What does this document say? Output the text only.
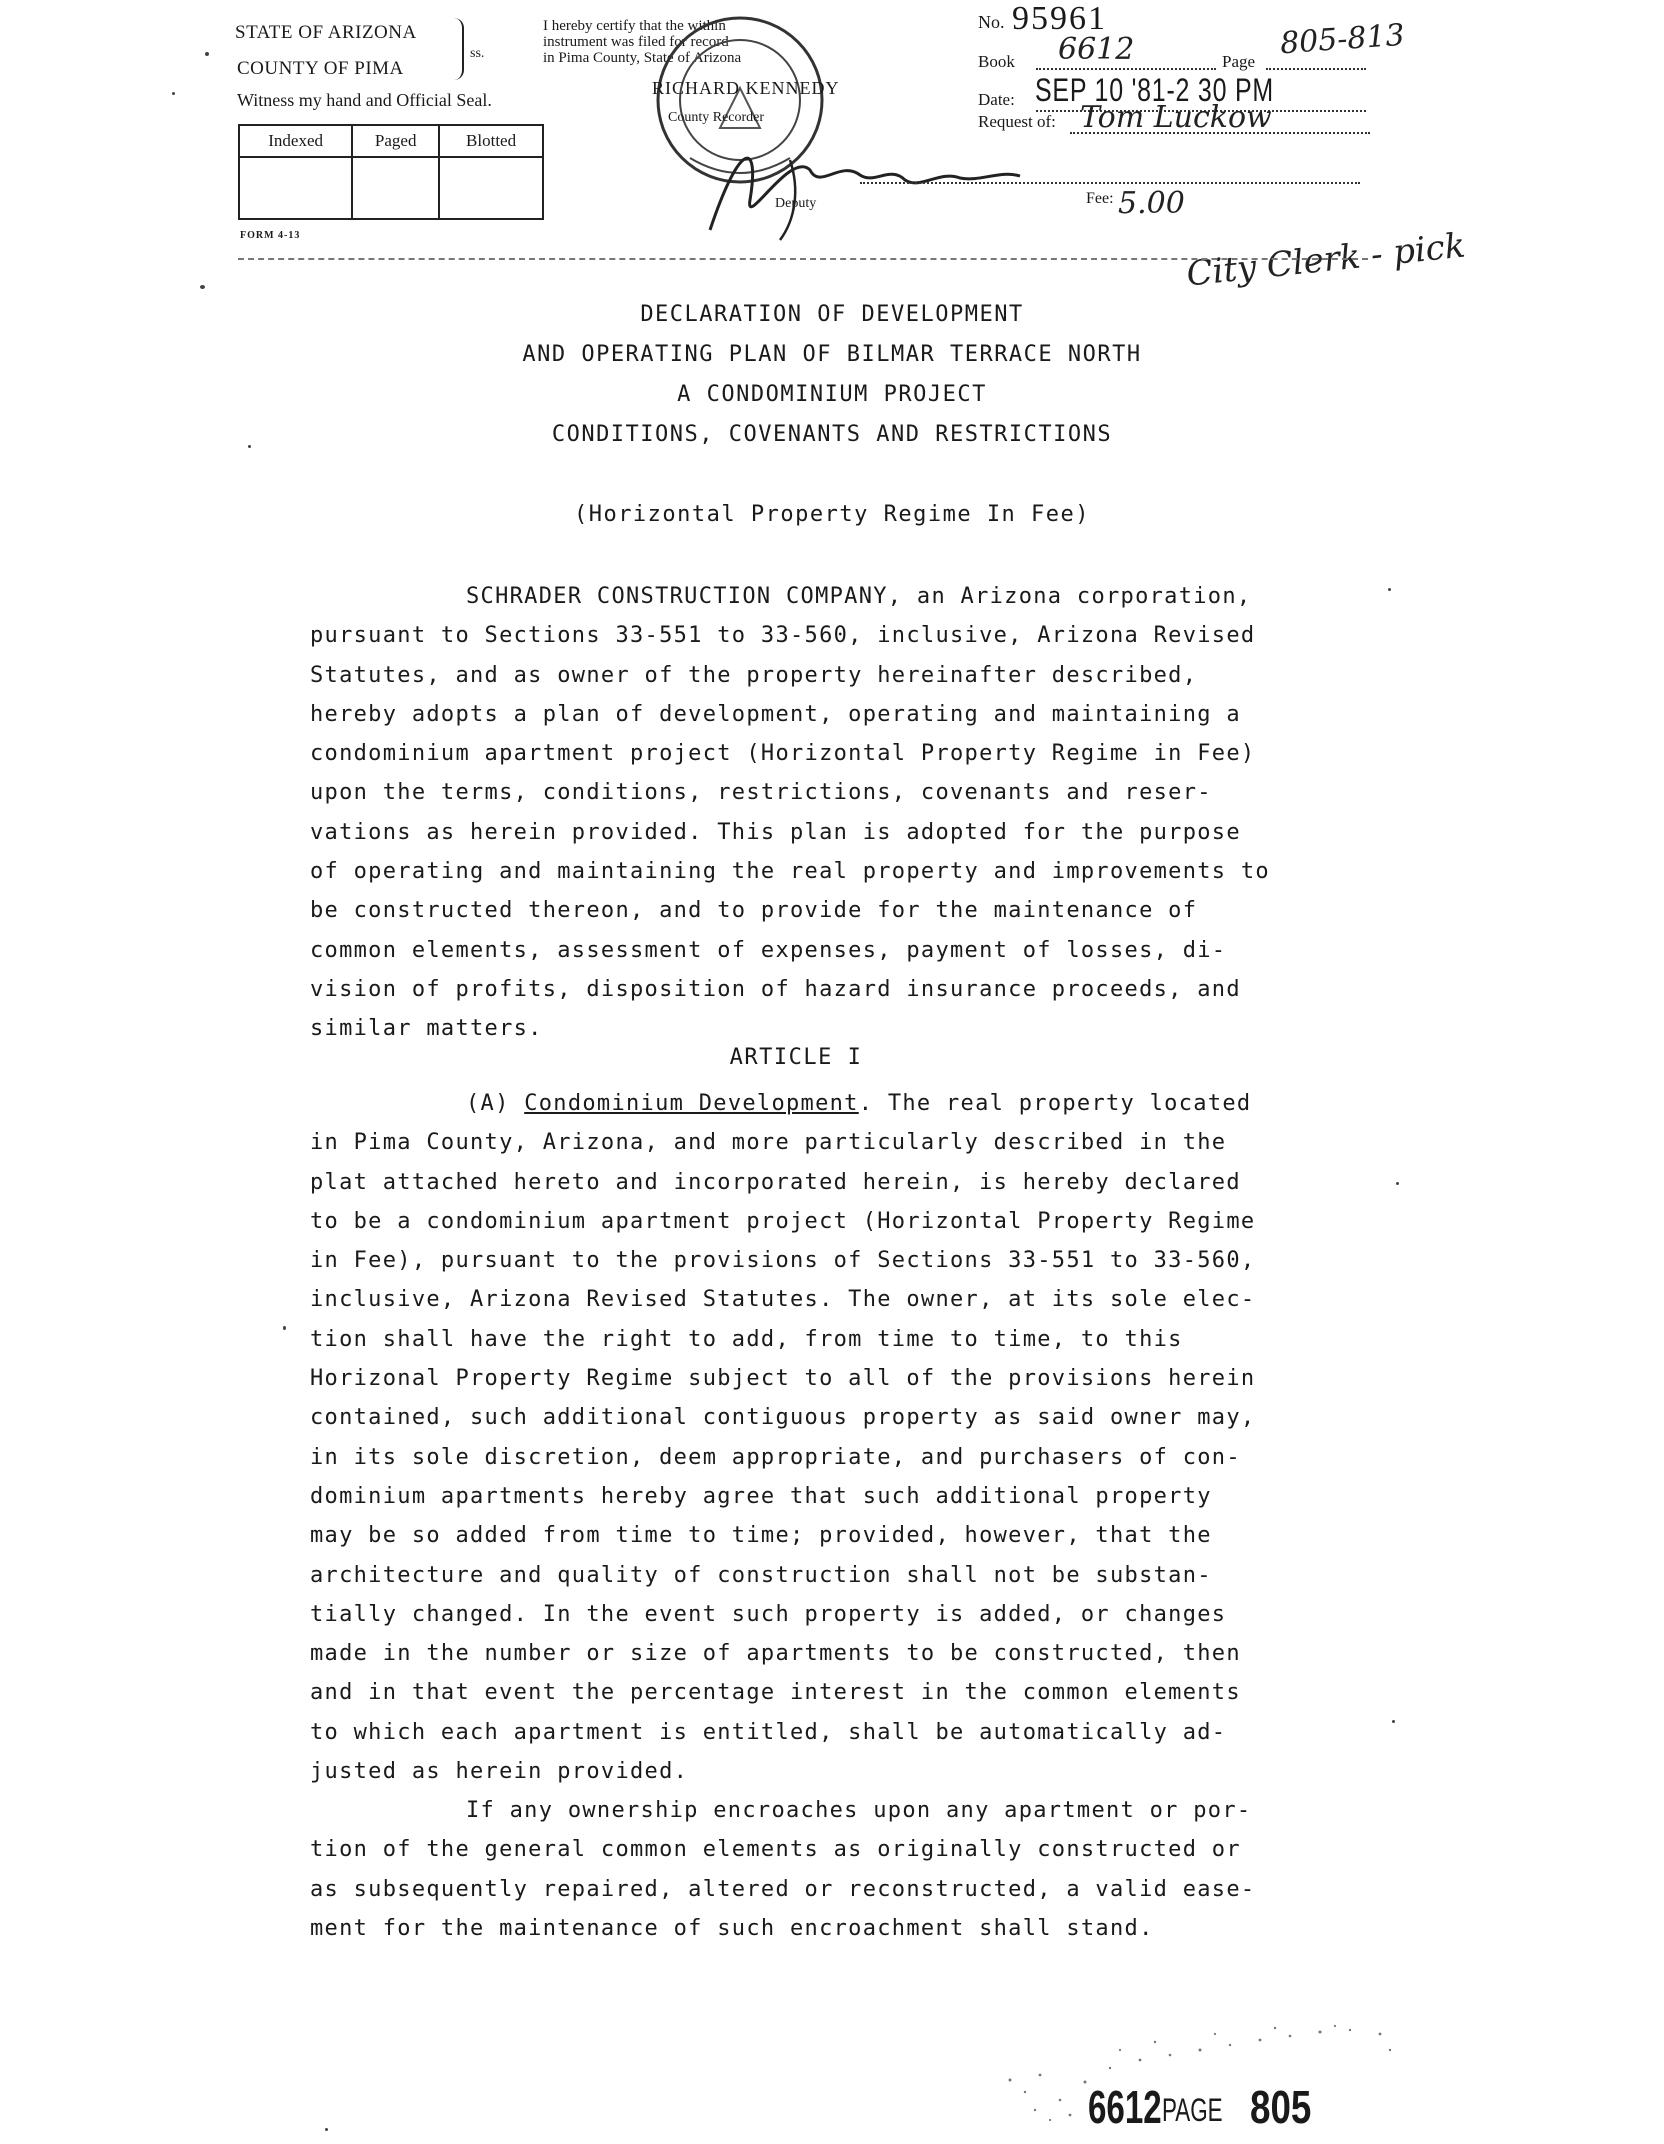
STATE OF ARIZONA
COUNTY OF PIMA
ss.
Witness my hand and Official Seal.
Indexed	Paged	Blotted

FORM 4-13
I hereby certify that the within
instrument was filed for record
in Pima County, State of Arizona
RICHARD KENNEDY
County Recorder
Deputy
No. 95961
Book 6612	Page
805-813
Date: SEP 10 '81-2 30 PM
Request of: Tom Luckow
Fee: 5.00
City Clerk - pick
DECLARATION OF DEVELOPMENT
AND OPERATING PLAN OF BILMAR TERRACE NORTH
A CONDOMINIUM PROJECT
CONDITIONS, COVENANTS AND RESTRICTIONS
(Horizontal Property Regime In Fee)
SCHRADER CONSTRUCTION COMPANY, an Arizona corporation,
pursuant to Sections 33-551 to 33-560, inclusive, Arizona Revised
Statutes, and as owner of the property hereinafter described,
hereby adopts a plan of development, operating and maintaining a
condominium apartment project (Horizontal Property Regime in Fee)
upon the terms, conditions, restrictions, covenants and reser-
vations as herein provided. This plan is adopted for the purpose
of operating and maintaining the real property and improvements to
be constructed thereon, and to provide for the maintenance of
common elements, assessment of expenses, payment of losses, di-
vision of profits, disposition of hazard insurance proceeds, and
similar matters.
ARTICLE I
(A) Condominium Development. The real property located
in Pima County, Arizona, and more particularly described in the
plat attached hereto and incorporated herein, is hereby declared
to be a condominium apartment project (Horizontal Property Regime
in Fee), pursuant to the provisions of Sections 33-551 to 33-560,
inclusive, Arizona Revised Statutes. The owner, at its sole elec-
tion shall have the right to add, from time to time, to this
Horizonal Property Regime subject to all of the provisions herein
contained, such additional contiguous property as said owner may,
in its sole discretion, deem appropriate, and purchasers of con-
dominium apartments hereby agree that such additional property
may be so added from time to time; provided, however, that the
architecture and quality of construction shall not be substan-
tially changed. In the event such property is added, or changes
made in the number or size of apartments to be constructed, then
and in that event the percentage interest in the common elements
to which each apartment is entitled, shall be automatically ad-
justed as herein provided.
If any ownership encroaches upon any apartment or por-
tion of the general common elements as originally constructed or
as subsequently repaired, altered or reconstructed, a valid ease-
ment for the maintenance of such encroachment shall stand.
6612 PAGE 805
